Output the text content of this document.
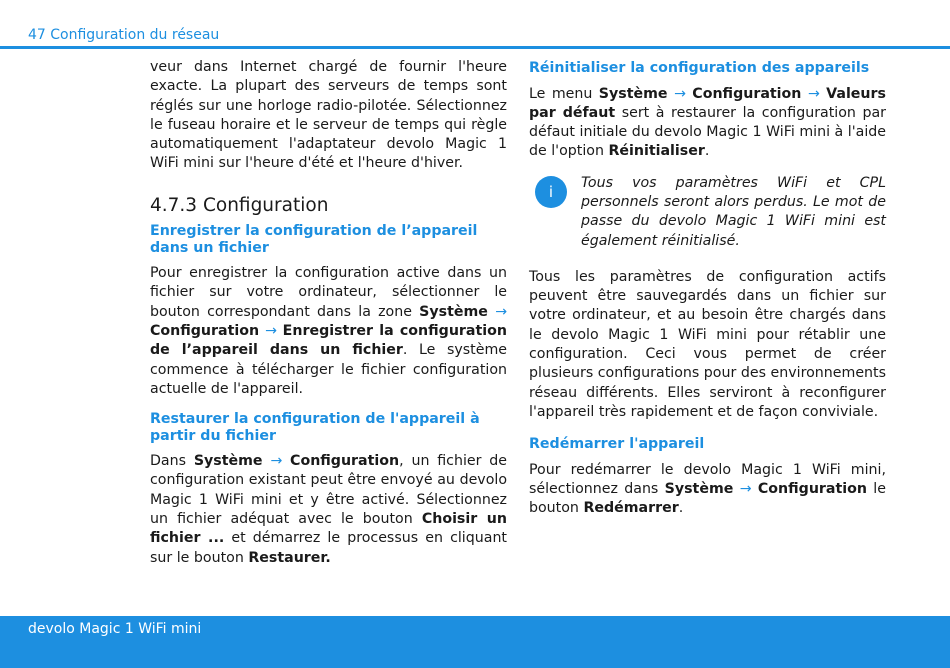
47 Configuration du réseau

veur dans Internet chargé de fournir l'heure exacte. La plupart des serveurs de temps sont réglés sur une horloge radio-pilotée. Sélectionnez le fuseau horaire et le serveur de temps qui règle automatiquement l'adaptateur devolo Magic 1 WiFi mini sur l'heure d'été et l'heure d'hiver.

4.7.3 Configuration
Enregistrer la configuration de l’appareil dans un fichier

Pour enregistrer la configuration active dans un fichier sur votre ordinateur, sélectionner le bouton correspondant dans la zone Système → Configuration → Enregistrer la configuration de l’appareil dans un fichier. Le système commence à télécharger le fichier configuration actuelle de l'appareil.

Restaurer la configuration de l'appareil à partir du fichier

Dans Système → Configuration, un fichier de configuration existant peut être envoyé au devolo Magic 1 WiFi mini et y être activé. Sélectionnez un fichier adéquat avec le bouton Choisir un fichier ... et démarrez le processus en cliquant sur le bouton Restaurer.

Réinitialiser la configuration des appareils

Le menu Système → Configuration → Valeurs par défaut sert à restaurer la configuration par défaut initiale du devolo Magic 1 WiFi mini à l'aide de l'option Réinitialiser.

i	Tous vos paramètres WiFi et CPL personnels seront alors perdus. Le mot de passe du devolo Magic 1 WiFi mini est également réinitialisé.

Tous les paramètres de configuration actifs peuvent être sauvegardés dans un fichier sur votre ordinateur, et au besoin être chargés dans le devolo Magic 1 WiFi mini pour rétablir une configuration. Ceci vous permet de créer plusieurs configurations pour des environnements réseau différents. Elles serviront à reconfigurer l'appareil très rapidement et de façon conviviale.

Redémarrer l'appareil

Pour redémarrer le devolo Magic 1 WiFi mini, sélectionnez dans Système → Configuration le bouton Redémarrer.

devolo Magic 1 WiFi mini
